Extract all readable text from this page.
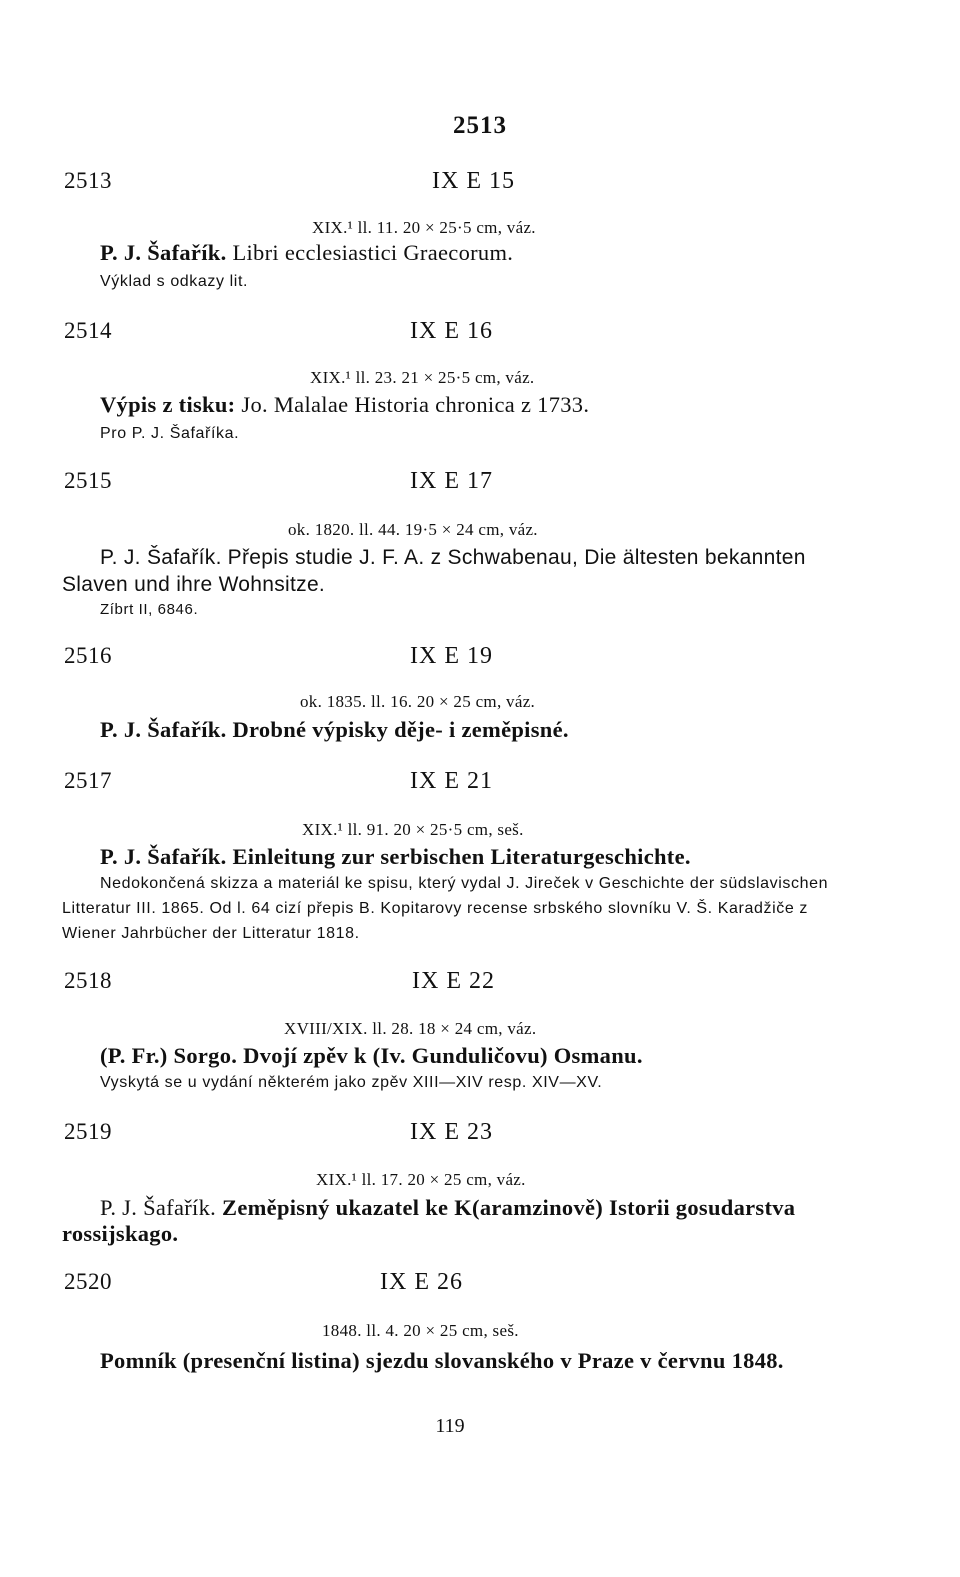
2513
2513	IX E 15
XIX.¹ ll. 11. 20 × 25·5 cm, váz.
P. J. Šafařík. Libri ecclesiastici Graecorum.
Výklad s odkazy lit.
2514	IX E 16
XIX.¹ ll. 23. 21 × 25·5 cm, váz.
Výpis z tisku: Jo. Malalae Historia chronica z 1733.
Pro P. J. Šafaříka.
2515	IX E 17
ok. 1820. ll. 44. 19·5 × 24 cm, váz.
P. J. Šafařík. Přepis studie J. F. A. z Schwabenau, Die ältesten bekannten Slaven und ihre Wohnsitze.
Zíbrt II, 6846.
2516	IX E 19
ok. 1835. ll. 16. 20 × 25 cm, váz.
P. J. Šafařík. Drobné výpisky děje- i zeměpisné.
2517	IX E 21
XIX.¹ ll. 91. 20 × 25·5 cm, seš.
P. J. Šafařík. Einleitung zur serbischen Literaturgeschichte.
Nedokončená skizza a materiál ke spisu, který vydal J. Jireček v Geschichte der südslavischen Litteratur III. 1865. Od l. 64 cizí přepis B. Kopitarovy recense srbského slovníku V. Š. Karadžiče z Wiener Jahrbücher der Litteratur 1818.
2518	IX E 22
XVIII/XIX. ll. 28. 18 × 24 cm, váz.
(P. Fr.) Sorgo. Dvojí zpěv k (Iv. Gunduličovu) Osmanu.
Vyskytá se u vydání některém jako zpěv XIII—XIV resp. XIV—XV.
2519	IX E 23
XIX.¹ ll. 17. 20 × 25 cm, váz.
P. J. Šafařík. Zeměpisný ukazatel ke K(aramzinově) Istorii gosudarstva rossijskago.
2520	IX E 26
1848. ll. 4. 20 × 25 cm, seš.
Pomník (presenční listina) sjezdu slovanského v Praze v červnu 1848.
119
